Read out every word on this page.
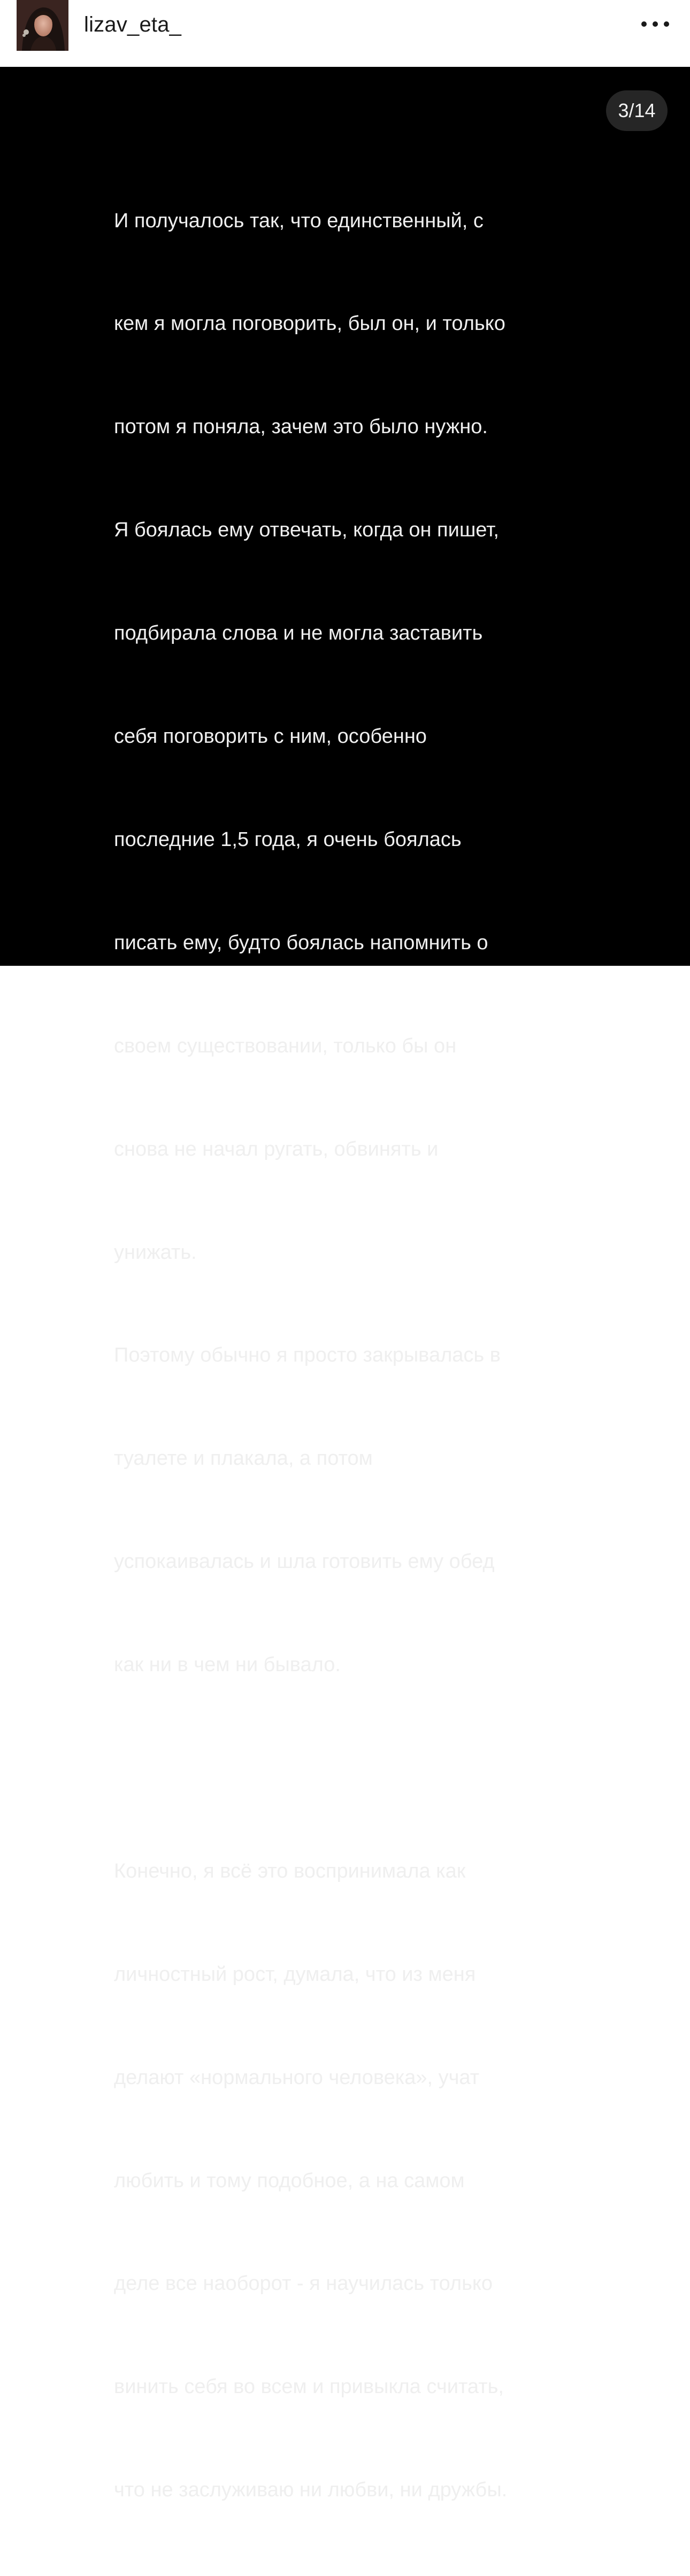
lizav_eta_
3/14

И получалось так, что единственный, с

кем я могла поговорить, был он, и только

потом я поняла, зачем это было нужно.

Я боялась ему отвечать, когда он пишет,

подбирала слова и не могла заставить

себя поговорить с ним, особенно

последние 1,5 года, я очень боялась

писать ему, будто боялась напомнить о

своем существовании, только бы он

снова не начал ругать, обвинять и

унижать.

Поэтому обычно я просто закрывалась в

туалете и плакала, а потом

успокаивалась и шла готовить ему обед

как ни в чем ни бывало.

Конечно, я всё это воспринимала как

личностный рост, думала, что из меня

делают «нормального человека», учат

любить и тому подобное, а на самом

деле все наоборот - я научилась только

винить себя во всем и привыкла считать,

что не заслуживаю ни любви, ни дружбы.
